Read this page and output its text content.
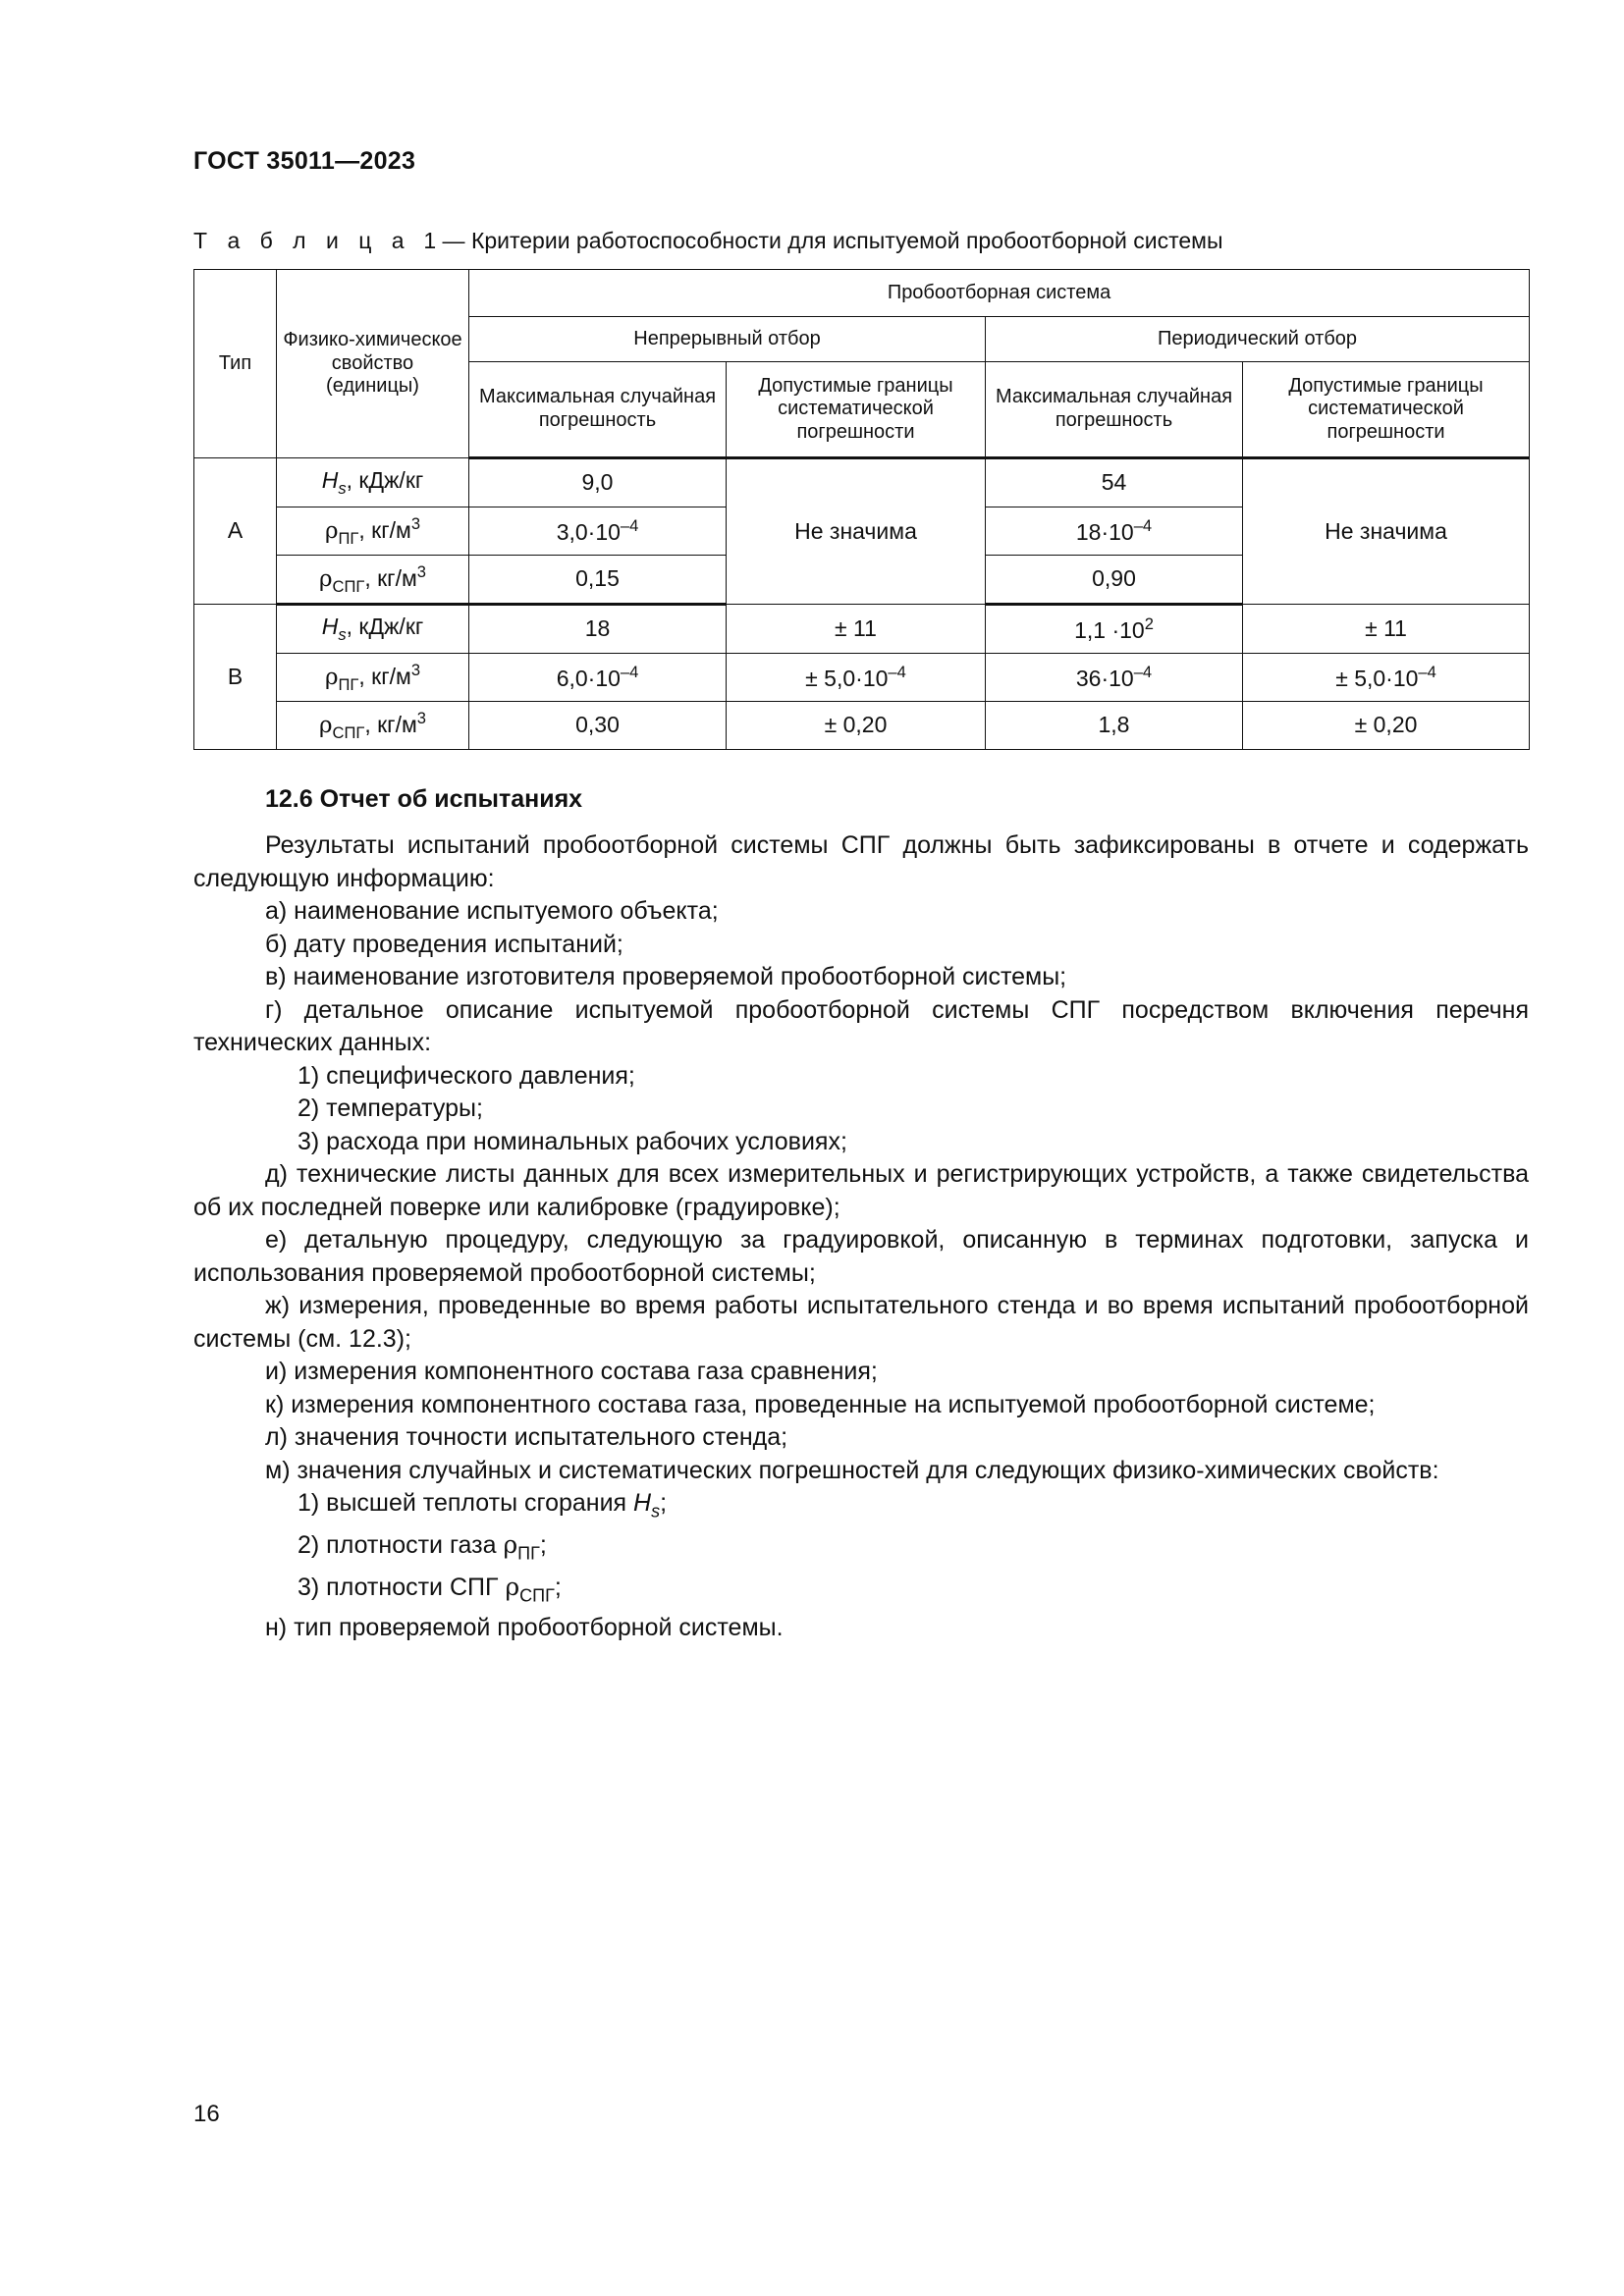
ГОСТ 35011—2023
Т а б л и ц а 1 — Критерии работоспособности для испытуемой пробоотборной системы
Тип	Физико-химическое свойство (единицы)	Пробоотборная система			
		Непрерывный отбор		Периодический отбор	
		Максимальная случайная погрешность	Допустимые границы систематической погрешности	Максимальная случайная погрешность	Допустимые границы систематической погрешности
А	$H_s$, кДж/кг	9,0	Не значима	54	Не значима
	$\rho_{ПГ}$, $кг/м^3$	$3,0\cdot 10^{-4}$		$18\cdot 10^{-4}$
	$\rho_{СПГ}$, $кг/м^3$	0,15		0,90	
B	$H_s$, кДж/кг	18	± 11	$1,1 \cdot 10^2$	± 11
	$\rho_{ПГ}$, $кг/м^3$	$6,0\cdot 10^{-4}$	± $5,0\cdot 10^{-4}$	$36\cdot 10^{-4}$	± $5,0\cdot 10^{-4}$
	$\rho_{СПГ}$, $кг/м^3$	0,30	± 0,20	1,8	± 0,20
12.6 Отчет об испытаниях

Результаты испытаний пробоотборной системы СПГ должны быть зафиксированы в отчете и содержать следующую информацию:

а) наименование испытуемого объекта;

б) дату проведения испытаний;

в) наименование изготовителя проверяемой пробоотборной системы;

г) детальное описание испытуемой пробоотборной системы СПГ посредством включения перечня технических данных:

1) специфического давления;

2) температуры;

3) расхода при номинальных рабочих условиях;

д) технические листы данных для всех измерительных и регистрирующих устройств, а также свидетельства об их последней поверке или калибровке (градуировке);

е) детальную процедуру, следующую за градуировкой, описанную в терминах подготовки, запуска и использования проверяемой пробоотборной системы;

ж) измерения, проведенные во время работы испытательного стенда и во время испытаний пробоотборной системы (см. 12.3);

и) измерения компонентного состава газа сравнения;

к) измерения компонентного состава газа, проведенные на испытуемой пробоотборной системе;

л) значения точности испытательного стенда;

м) значения случайных и систематических погрешностей для следующих физико-химических свойств:

1) высшей теплоты сгорания $H_s$;

2) плотности газа $\rho_{ПГ}$;

3) плотности СПГ $\rho_{СПГ}$;

н) тип проверяемой пробоотборной системы.

16
